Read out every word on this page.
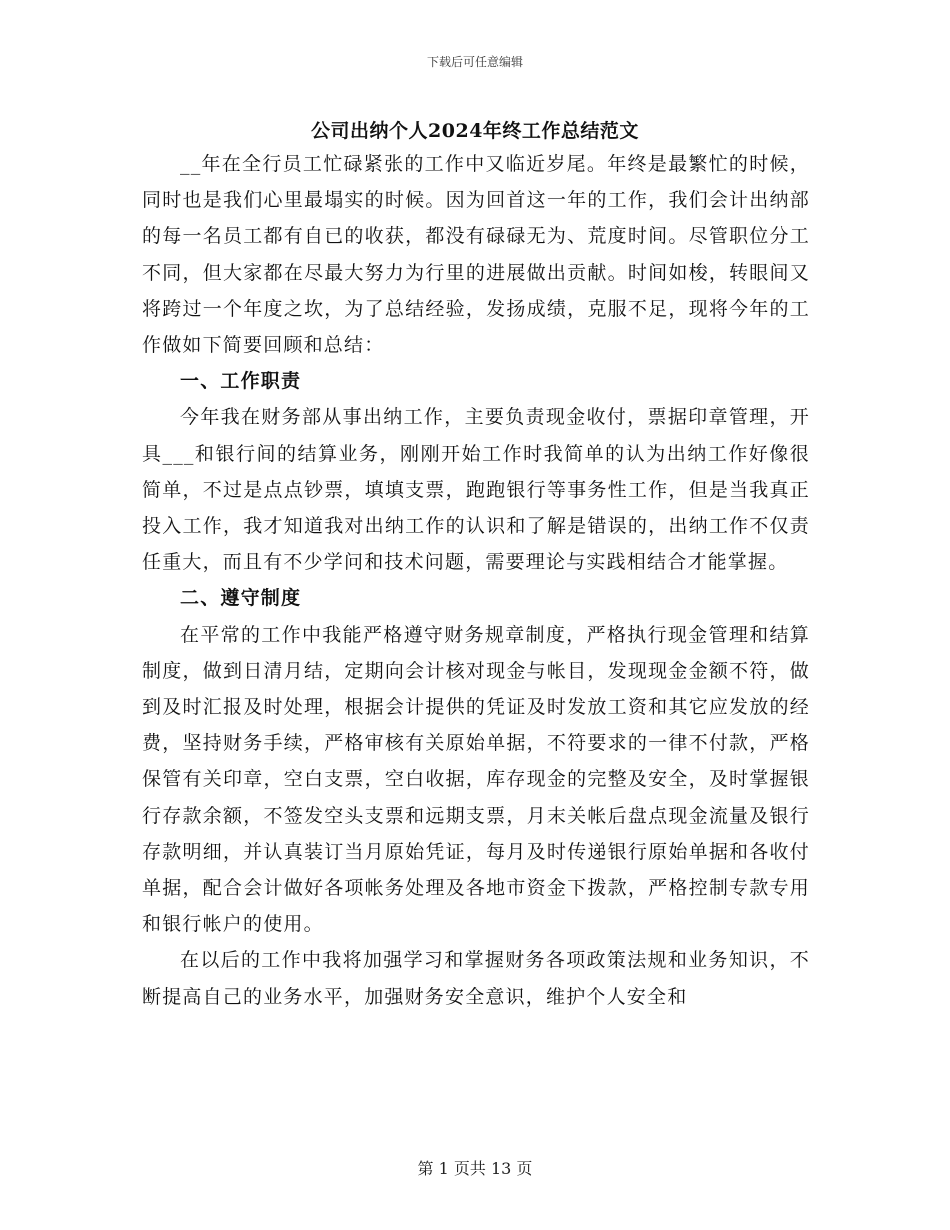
下载后可任意编辑
公司出纳个人2024年终工作总结范文

__年在全行员工忙碌紧张的工作中又临近岁尾。年终是最繁忙的时候，同时也是我们心里最塌实的时候。因为回首这一年的工作，我们会计出纳部的每一名员工都有自已的收获，都没有碌碌无为、荒度时间。尽管职位分工不同，但大家都在尽最大努力为行里的进展做出贡献。时间如梭，转眼间又将跨过一个年度之坎，为了总结经验，发扬成绩，克服不足，现将今年的工作做如下简要回顾和总结：

一、工作职责

今年我在财务部从事出纳工作，主要负责现金收付，票据印章管理，开具___和银行间的结算业务，刚刚开始工作时我简单的认为出纳工作好像很简单，不过是点点钞票，填填支票，跑跑银行等事务性工作，但是当我真正投入工作，我才知道我对出纳工作的认识和了解是错误的，出纳工作不仅责任重大，而且有不少学问和技术问题，需要理论与实践相结合才能掌握。

二、遵守制度

在平常的工作中我能严格遵守财务规章制度，严格执行现金管理和结算制度，做到日清月结，定期向会计核对现金与帐目，发现现金金额不符，做到及时汇报及时处理，根据会计提供的凭证及时发放工资和其它应发放的经费，坚持财务手续，严格审核有关原始单据，不符要求的一律不付款，严格保管有关印章，空白支票，空白收据，库存现金的完整及安全，及时掌握银行存款余额，不签发空头支票和远期支票，月末关帐后盘点现金流量及银行存款明细，并认真装订当月原始凭证，每月及时传递银行原始单据和各收付单据，配合会计做好各项帐务处理及各地市资金下拨款，严格控制专款专用和银行帐户的使用。

在以后的工作中我将加强学习和掌握财务各项政策法规和业务知识，不断提高自己的业务水平，加强财务安全意识，维护个人安全和

第 1 页共 13 页
